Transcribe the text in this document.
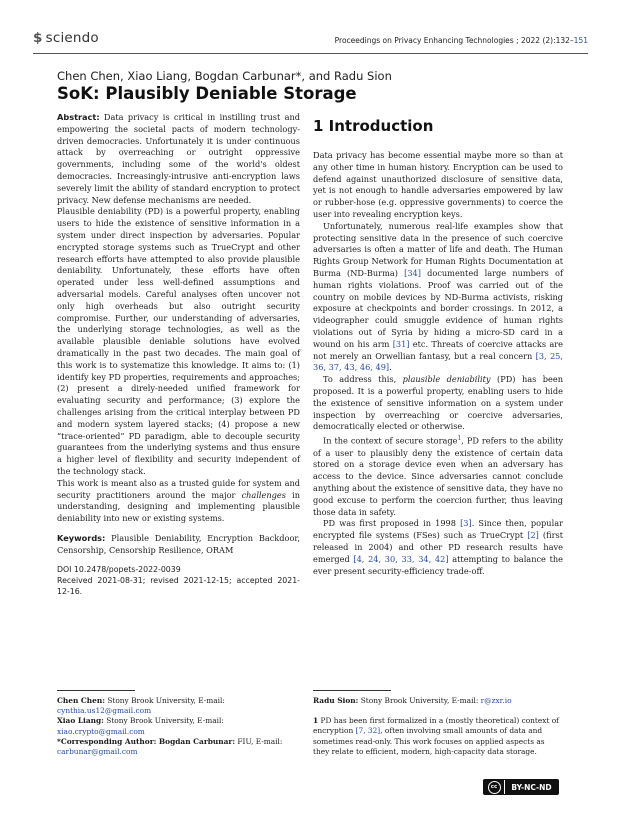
$ sciendo	Proceedings on Privacy Enhancing Technologies ; 2022 (2):132–151
Chen Chen, Xiao Liang, Bogdan Carbunar*, and Radu Sion
SoK: Plausibly Deniable Storage

Abstract: Data privacy is critical in instilling trust and empowering the societal pacts of modern technology-driven democracies. Unfortunately it is under continuous attack by overreaching or outright oppressive governments, including some of the world's oldest democracies. Increasingly-intrusive anti-encryption laws severely limit the ability of standard encryption to protect privacy. New defense mechanisms are needed.

Plausible deniability (PD) is a powerful property, enabling users to hide the existence of sensitive information in a system under direct inspection by adversaries. Popular encrypted storage systems such as TrueCrypt and other research efforts have attempted to also provide plausible deniability. Unfortunately, these efforts have often operated under less well-defined assumptions and adversarial models. Careful analyses often uncover not only high overheads but also outright security compromise. Further, our understanding of adversaries, the underlying storage technologies, as well as the available plausible deniable solutions have evolved dramatically in the past two decades. The main goal of this work is to systematize this knowledge. It aims to: (1) identify key PD properties, requirements and approaches; (2) present a direly-needed unified framework for evaluating security and performance; (3) explore the challenges arising from the critical interplay between PD and modern system layered stacks; (4) propose a new “trace-oriented” PD paradigm, able to decouple security guarantees from the underlying systems and thus ensure a higher level of flexibility and security independent of the technology stack.

This work is meant also as a trusted guide for system and security practitioners around the major challenges in understanding, designing and implementing plausible deniability into new or existing systems.

Keywords: Plausible Deniability, Encryption Backdoor, Censorship, Censorship Resilience, ORAM

DOI 10.2478/popets-2022-0039
Received 2021-08-31; revised 2021-12-15; accepted 2021-12-16.
1 Introduction

Data privacy has become essential maybe more so than at any other time in human history. Encryption can be used to defend against unauthorized disclosure of sensitive data, yet is not enough to handle adversaries empowered by law or rubber-hose (e.g. oppressive governments) to coerce the user into revealing encryption keys.

Unfortunately, numerous real-life examples show that protecting sensitive data in the presence of such coercive adversaries is often a matter of life and death. The Human Rights Group Network for Human Rights Documentation at Burma (ND-Burma) [34] documented large numbers of human rights violations. Proof was carried out of the country on mobile devices by ND-Burma activists, risking exposure at checkpoints and border crossings. In 2012, a videographer could smuggle evidence of human rights violations out of Syria by hiding a micro-SD card in a wound on his arm [31] etc. Threats of coercive attacks are not merely an Orwellian fantasy, but a real concern [3, 25, 36, 37, 43, 46, 49].

To address this, plausible deniability (PD) has been proposed. It is a powerful property, enabling users to hide the existence of sensitive information on a system under inspection by overreaching or coercive adversaries, democratically elected or otherwise.

In the context of secure storage$^1$, PD refers to the ability of a user to plausibly deny the existence of certain data stored on a storage device even when an adversary has access to the device. Since adversaries cannot conclude anything about the existence of sensitive data, they have no good excuse to perform the coercion further, thus leaving those data in safety.

PD was first proposed in 1998 [3]. Since then, popular encrypted file systems (FSes) such as TrueCrypt [2] (first released in 2004) and other PD research results have emerged [4, 24, 30, 33, 34, 42] attempting to balance the ever present security-efficiency trade-off.

Chen Chen: Stony Brook University, E-mail: cynthia.us12@gmail.com
Xiao Liang: Stony Brook University, E-mail: xiao.crypto@gmail.com
*Corresponding Author: Bogdan Carbunar: FIU, E-mail: carbunar@gmail.com
Radu Sion: Stony Brook University, E-mail: r@zxr.io
1 PD has been first formalized in a (mostly theoretical) context of encryption [7, 32], often involving small amounts of data and sometimes read-only. This work focuses on applied aspects as they relate to efficient, modern, high-capacity data storage.
cc	BY-NC-ND
